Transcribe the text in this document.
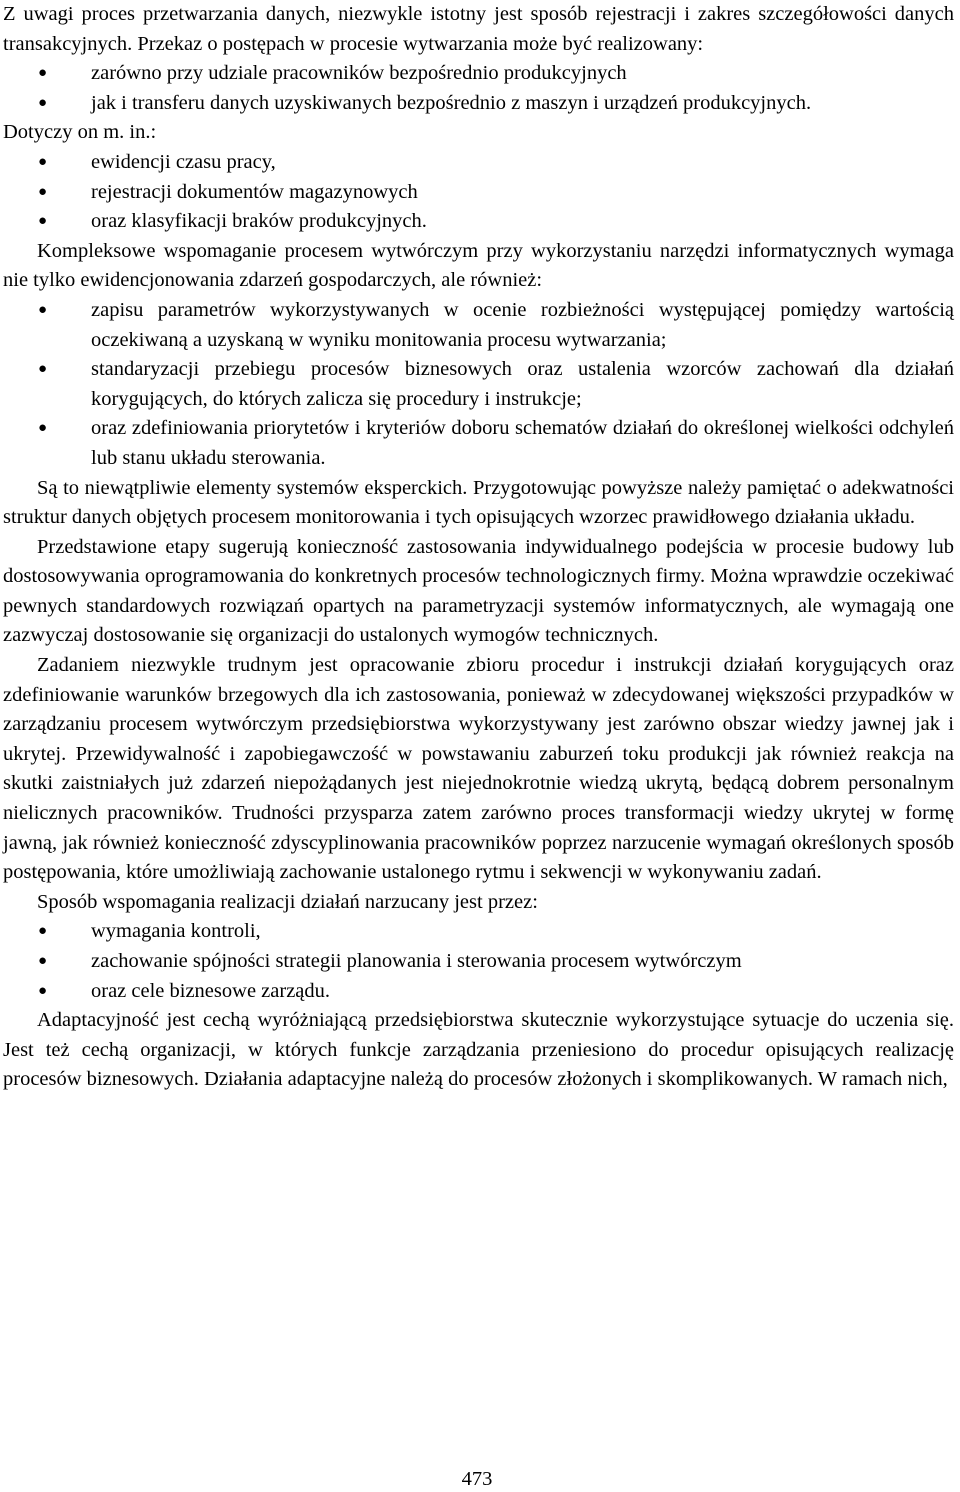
Z uwagi proces przetwarzania danych, niezwykle istotny jest sposób rejestracji i zakres szczegółowości danych transakcyjnych. Przekaz o postępach w procesie wytwarzania może być realizowany:

● zarówno przy udziale pracowników bezpośrednio produkcyjnych
● jak i transferu danych uzyskiwanych bezpośrednio z maszyn i urządzeń produkcyjnych.

Dotyczy on m. in.:

● ewidencji czasu pracy,
● rejestracji dokumentów magazynowych
● oraz klasyfikacji braków produkcyjnych.

Kompleksowe wspomaganie procesem wytwórczym przy wykorzystaniu narzędzi informatycznych wymaga nie tylko ewidencjonowania zdarzeń gospodarczych, ale również:

● zapisu parametrów wykorzystywanych w ocenie rozbieżności występującej pomiędzy wartością oczekiwaną a uzyskaną w wyniku monitowania procesu wytwarzania;
● standaryzacji przebiegu procesów biznesowych oraz ustalenia wzorców zachowań dla działań korygujących, do których zalicza się procedury i instrukcje;
● oraz zdefiniowania priorytetów i kryteriów doboru schematów działań do określonej wielkości odchyleń lub stanu układu sterowania.

Są to niewątpliwie elementy systemów eksperckich. Przygotowując powyższe należy pamiętać o adekwatności struktur danych objętych procesem monitorowania i tych opisujących wzorzec prawidłowego działania układu.

Przedstawione etapy sugerują konieczność zastosowania indywidualnego podejścia w procesie budowy lub dostosowywania oprogramowania do konkretnych procesów technologicznych firmy. Można wprawdzie oczekiwać pewnych standardowych rozwiązań opartych na parametryzacji systemów informatycznych, ale wymagają one zazwyczaj dostosowanie się organizacji do ustalonych wymogów technicznych.

Zadaniem niezwykle trudnym jest opracowanie zbioru procedur i instrukcji działań korygujących oraz zdefiniowanie warunków brzegowych dla ich zastosowania, ponieważ w zdecydowanej większości przypadków w zarządzaniu procesem wytwórczym przedsiębiorstwa wykorzystywany jest zarówno obszar wiedzy jawnej jak i ukrytej. Przewidywalność i zapobiegawczość w powstawaniu zaburzeń toku produkcji jak również reakcja na skutki zaistniałych już zdarzeń niepożądanych jest niejednokrotnie wiedzą ukrytą, będącą dobrem personalnym nielicznych pracowników. Trudności przysparza zatem zarówno proces transformacji wiedzy ukrytej w formę jawną, jak również konieczność zdyscyplinowania pracowników poprzez narzucenie wymagań określonych sposób postępowania, które umożliwiają zachowanie ustalonego rytmu i sekwencji w wykonywaniu zadań.

Sposób wspomagania realizacji działań narzucany jest przez:

● wymagania kontroli,
● zachowanie spójności strategii planowania i sterowania procesem wytwórczym
● oraz cele biznesowe zarządu.

Adaptacyjność jest cechą wyróżniającą przedsiębiorstwa skutecznie wykorzystujące sytuacje do uczenia się. Jest też cechą organizacji, w których funkcje zarządzania przeniesiono do procedur opisujących realizację procesów biznesowych. Działania adaptacyjne należą do procesów złożonych i skomplikowanych. W ramach nich,

473
